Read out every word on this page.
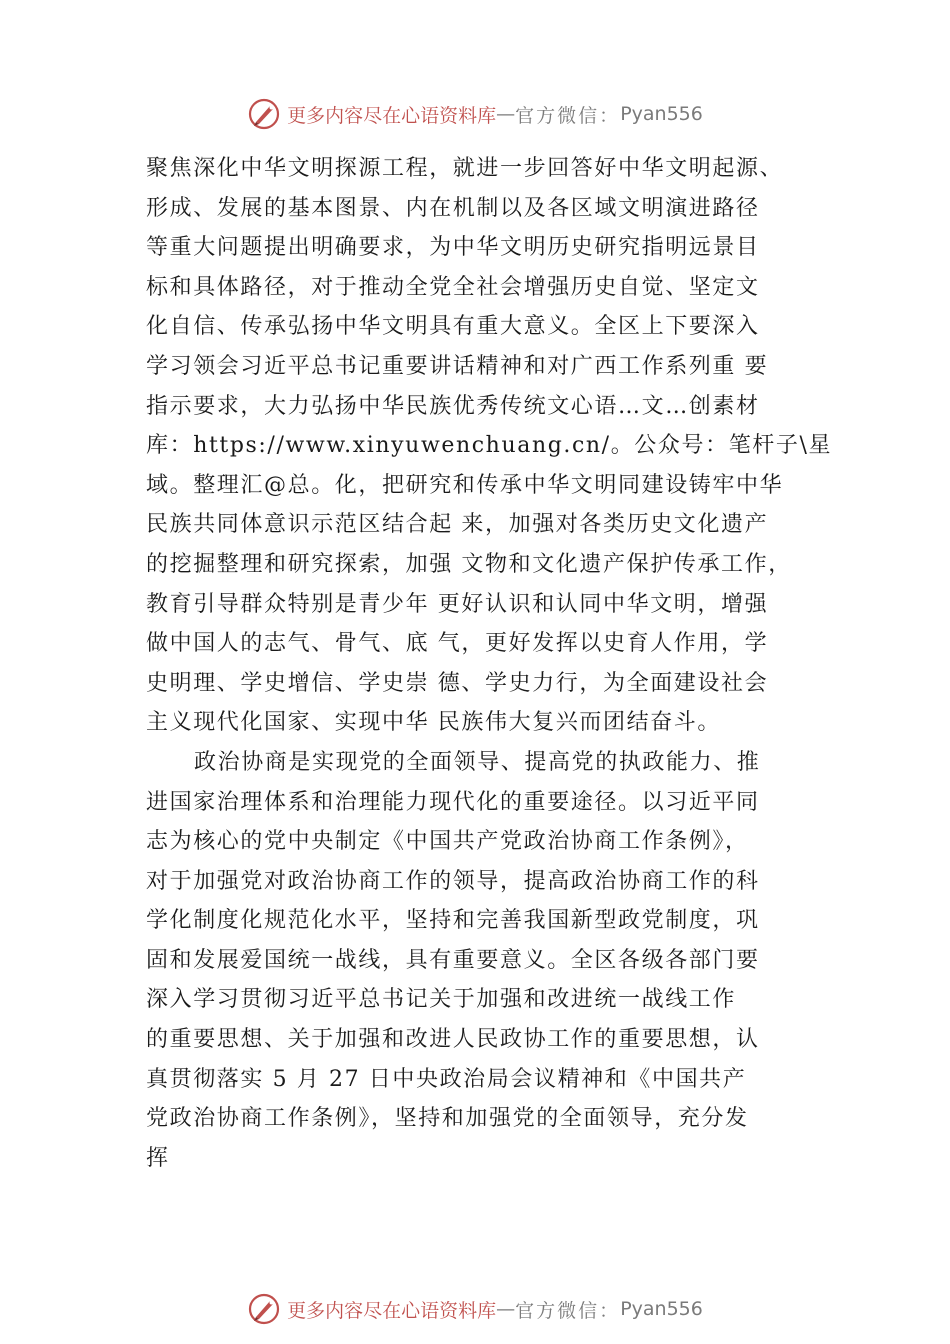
更多内容尽在心语资料库 — 官方微信： Pyan556
聚焦深化中华文明探源工程，就进一步回答好中华文明起源、
形成、发展的基本图景、内在机制以及各区域文明演进路径
等重大问题提出明确要求，为中华文明历史研究指明远景目
标和具体路径，对于推动全党全社会增强历史自觉、坚定文
化自信、传承弘扬中华文明具有重大意义。全区上下要深入
学习领会习近平总书记重要讲话精神和对广西工作系列重 要
指示要求，大力弘扬中华民族优秀传统文心语…文…创素材
库：https://www.xinyuwenchuang.cn/。公众号：笔杆子\星
域。整理汇@总。化，把研究和传承中华文明同建设铸牢中华
民族共同体意识示范区结合起 来，加强对各类历史文化遗产
的挖掘整理和研究探索，加强 文物和文化遗产保护传承工作，
教育引导群众特别是青少年 更好认识和认同中华文明，增强
做中国人的志气、骨气、底 气，更好发挥以史育人作用，学
史明理、学史增信、学史崇 德、学史力行，为全面建设社会
主义现代化国家、实现中华 民族伟大复兴而团结奋斗。
政治协商是实现党的全面领导、提高党的执政能力、推
进国家治理体系和治理能力现代化的重要途径。以习近平同
志为核心的党中央制定《中国共产党政治协商工作条例》，
对于加强党对政治协商工作的领导，提高政治协商工作的科
学化制度化规范化水平，坚持和完善我国新型政党制度，巩
固和发展爱国统一战线，具有重要意义。全区各级各部门要
深入学习贯彻习近平总书记关于加强和改进统一战线工作
的重要思想、关于加强和改进人民政协工作的重要思想，认
真贯彻落实 5 月 27 日中央政治局会议精神和《中国共产
党政治协商工作条例》，坚持和加强党的全面领导，充分发
挥
更多内容尽在心语资料库 — 官方微信： Pyan556
